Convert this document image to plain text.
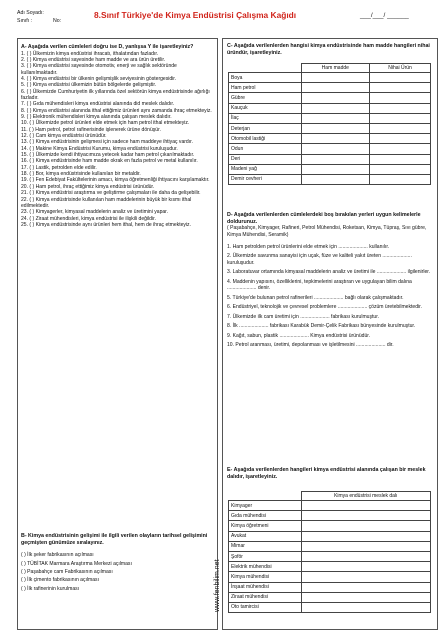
Adı Soyadı:
Sınıfı :	No:
8.Sınıf Türkiye'de Kimya Endüstrisi Çalışma Kağıdı	___/___/ ______
A- Aşağıda verilen cümleleri doğru ise D, yanlışsa Y ile işaretleyiniz?
1. ( ) Ülkemizin kimya endüstrisi ihracatı, ithalatından fazladır.
2. ( ) Kimya endüstrisi sayesinde ham madde ve ara ürün üretilir.
3. ( ) Kimya endüstrisi sayesinde otomotiv, enerji ve sağlık sektöründe kullanılmaktadır.
4. ( ) Kimya endüstrisi bir ülkenin gelişmişlik seviyesinin göstergesidir.
5. ( ) Kimya endüstrisi ülkemizin bütün bölgelerde gelişmiştir.
6. ( ) Ülkemizde Cumhuriyetin ilk yıllarında özel sektörün kimya endüstrisinde ağırlığı fazladır.
7. ( ) Gıda mühendisleri kimya endüstrisi alanında did meslek dalıdır.
8. ( ) Kimya endüstrisi alanında ithal ettiğimiz ürünleri aynı zamanda ihraç etmekteyiz.
9. ( ) Elektronik mühendisleri kimya alanında çalışan meslek dalıdır.
10. ( ) Ülkemizde petrol ürünleri elde etmek için ham petrol ithal etmekteyiz.
11. ( ) Ham petrol, petrol rafinerisinde işlenerek ürüne dönüşür.
12. ( ) Cam kimya endüstrisi ürünüdür.
13. ( ) Kimya endüstrisinin gelişmesi için sadece ham maddeye ihtiyaç vardır.
14. ( ) Makine Kimya Endüstrisi Kurumu, kimya endüstrisi kuruluşudur.
15. ( ) Ülkemizde kendi ihtiyacımıza yetecek kadar ham petrol çıkarılmaktadır.
16. ( ) Kimya endüstrisinde ham madde okrak en fazla petrol ve metal kullanılır.
17. ( ) Lastik, petrolden elde edilir.
18. ( ) Bor, kimya endüstrisinde kullanılan bir metaldir.
19. ( ) Fen Edebiyat Fakültelerinin amacı, kimya öğretmenliği ihtiyacını karşılamaktır.
20. ( ) Ham petrol, ihraç ettiğimiz kimya endüstrisi ürünüdür.
21. ( ) Kimya endüstrisi araştırma ve geliştirme çalışmaları ile daha da gelişebilir.
22. ( ) Kimya endüstrisinde kullanılan ham maddelerinin büyük bir kısmı ithal edilmektedir.
23. ( ) Kimyagerler, kimyasal maddelerin analiz ve üretimini yapar.
24. ( ) Ziraat mühendisleri, kimya endüstrisi ile ilişkili değildir.
25. ( ) Kimya endüstrisinde aynı ürünleri hem ithal, hem de ihraç etmekteyiz.
B- Kimya endüstrisinin gelişimi ile ilgili verilen olayların tarihsel gelişimini geçmişten günümüze sıralayınız.
( ) İlk şeker fabrikasının açılması
( ) TÜBİTAK Marmara Araştırma Merkezi açılması
( ) Paşabahçe cam Fabrikasının açılması
( ) İlk çimento fabrikasının açılması
( ) İlk rafinerinin kurulması
C- Aşağıda verilenlerden hangisi kimya endüstrisinde ham madde hangileri nihai üründür, işaretleyiniz.
	Ham madde	Nihai Ürün
Boya		
Ham petrol		
Gübre		
Kauçuk		
İlaç		
Deterjan		
Otomobil lastiği		
Odun		
Deri		
Madeni yağ		
Demir cevheri		
D- Aşağıda verilenlerden cümlelerdeki boş bırakılan yerleri uygun kelimelerle doldurunuz.
( Paşabahçe, Kimyager, Rafineri, Petrol Mühendisi, Roketsan, Kimya, Tüpraş, Sıvı gübre, Kimya Mühendisi, Seramik)
1. Ham petrolden petrol ürünlerini elde etmek için ..................... kullanılır.
2. Ülkemizde savunma sanayisi için uçak, füze ve kaliteli yakıt üreten ..................... kuruluşudur.
3. Laboratuvar ortamında kimyasal maddelerin analiz ve üretimi ile ..................... ilgilenirler.
4. Maddenin yapısını, özelliklerini, tepkimelerini araştıran ve uygulayan bilim dalına ..................... denir.
5. Türkiye'de bulunan petrol rafinerileri ..................... bağlı olarak çalışmaktadır.
6. Endüstriyel, teknolojik ve çevresel problemlere ..................... çözüm üretebilmektedir.
7. Ülkemizde ilk cam üretimi için ..................... fabrikası kurulmuştur.
8. İlk ..................... fabrikası Karabük Demir-Çelik Fabrikası bünyesinde kurulmuştur.
9. Kağıt, sabun, plastik ..................... Kimya endüstrisi ürünüdür.
10. Petrol aranması, üretimi, depolanması ve işletilmesini ..................... dir.
E- Aşağıda verilenlerden hangileri kimya endüstrisi alanında çalışan bir meslek dalıdır, işaretleyiniz.
	Kimya endüstrisi meslek dalı
Kimyager	
Gıda mühendisi	
Kimya öğretmeni	
Avukat	
Mimar	
Şoför	
Elektrik mühendisi	
Kimya mühendisi	
İnşaat mühendisi	
Ziraat mühendisi	
Oto tamircisi	
www.fenbilim.net
